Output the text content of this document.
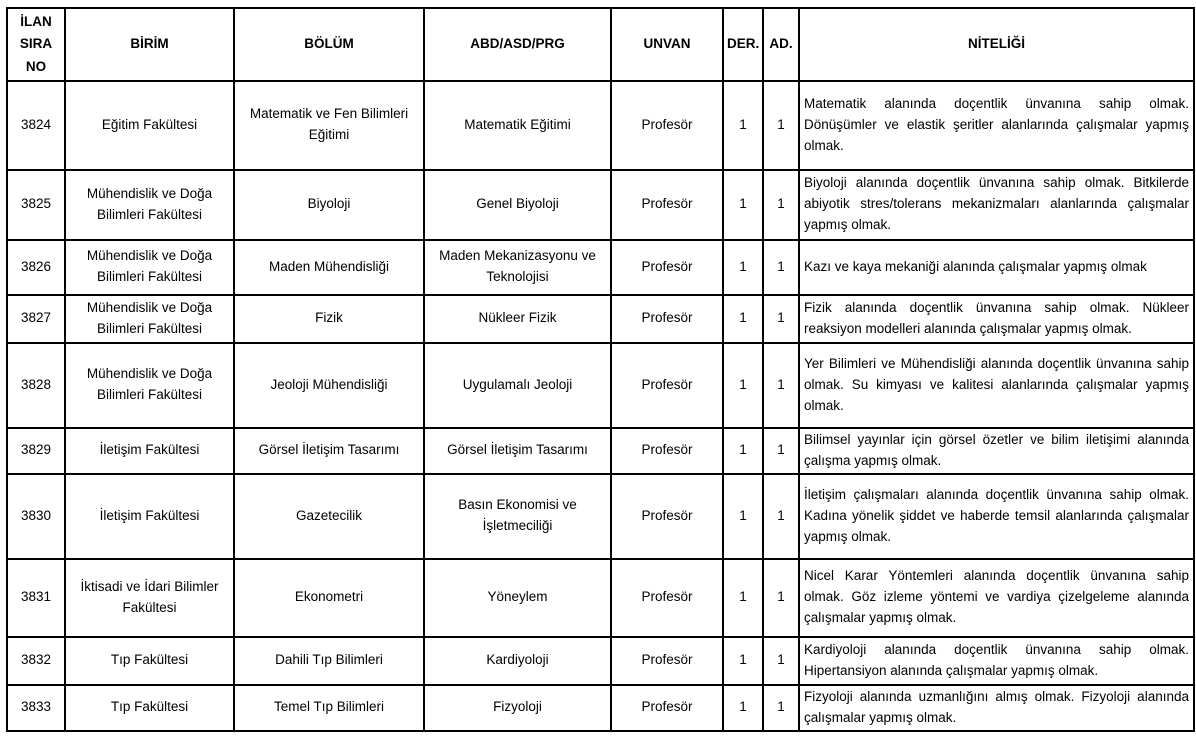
İLAN SIRA NO	BİRİM	BÖLÜM	ABD/ASD/PRG	UNVAN	DER.	AD.	NİTELİĞİ
3824	Eğitim Fakültesi	Matematik ve Fen Bilimleri Eğitimi	Matematik Eğitimi	Profesör	1	1	Matematik alanında doçentlik ünvanına sahip olmak. Dönüşümler ve elastik şeritler alanlarında çalışmalar yapmış olmak.
3825	Mühendislik ve Doğa Bilimleri Fakültesi	Biyoloji	Genel Biyoloji	Profesör	1	1	Biyoloji alanında doçentlik ünvanına sahip olmak. Bitkilerde abiyotik stres/tolerans mekanizmaları alanlarında çalışmalar yapmış olmak.
3826	Mühendislik ve Doğa Bilimleri Fakültesi	Maden Mühendisliği	Maden Mekanizasyonu ve Teknolojisi	Profesör	1	1	Kazı ve kaya mekaniği alanında çalışmalar yapmış olmak
3827	Mühendislik ve Doğa Bilimleri Fakültesi	Fizik	Nükleer Fizik	Profesör	1	1	Fizik alanında doçentlik ünvanına sahip olmak. Nükleer reaksiyon modelleri alanında çalışmalar yapmış olmak.
3828	Mühendislik ve Doğa Bilimleri Fakültesi	Jeoloji Mühendisliği	Uygulamalı Jeoloji	Profesör	1	1	Yer Bilimleri ve Mühendisliği alanında doçentlik ünvanına sahip olmak. Su kimyası ve kalitesi alanlarında çalışmalar yapmış olmak.
3829	İletişim Fakültesi	Görsel İletişim Tasarımı	Görsel İletişim Tasarımı	Profesör	1	1	Bilimsel yayınlar için görsel özetler ve bilim iletişimi alanında çalışma yapmış olmak.
3830	İletişim Fakültesi	Gazetecilik	Basın Ekonomisi ve İşletmeciliği	Profesör	1	1	İletişim çalışmaları alanında doçentlik ünvanına sahip olmak. Kadına yönelik şiddet ve haberde temsil alanlarında çalışmalar yapmış olmak.
3831	İktisadi ve İdari Bilimler Fakültesi	Ekonometri	Yöneylem	Profesör	1	1	Nicel Karar Yöntemleri alanında doçentlik ünvanına sahip olmak. Göz izleme yöntemi ve vardiya çizelgeleme alanında çalışmalar yapmış olmak.
3832	Tıp Fakültesi	Dahili Tıp Bilimleri	Kardiyoloji	Profesör	1	1	Kardiyoloji alanında doçentlik ünvanına sahip olmak. Hipertansiyon alanında çalışmalar yapmış olmak.
3833	Tıp Fakültesi	Temel Tıp Bilimleri	Fizyoloji	Profesör	1	1	Fizyoloji alanında uzmanlığını almış olmak. Fizyoloji alanında çalışmalar yapmış olmak.
